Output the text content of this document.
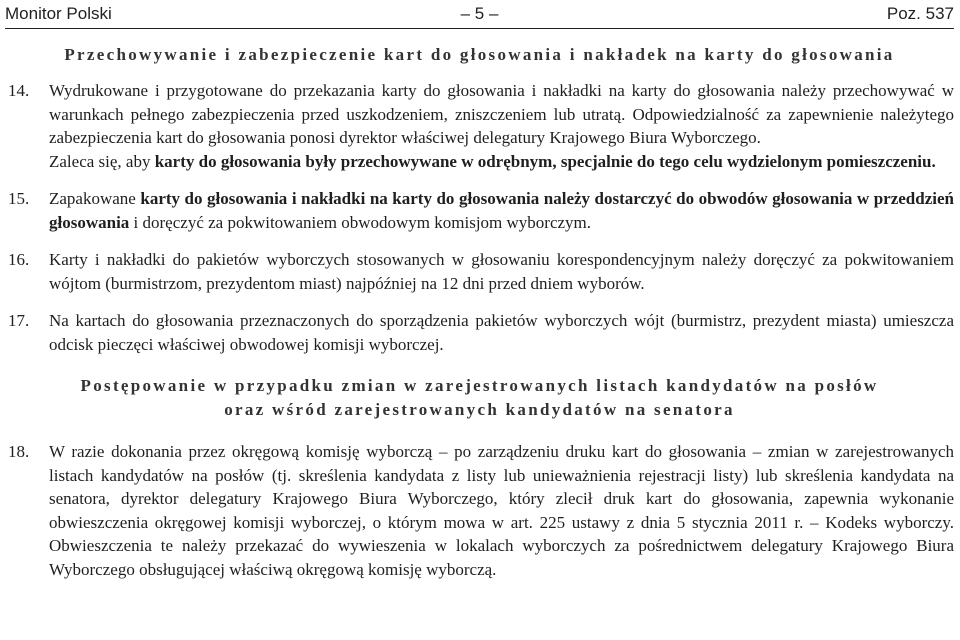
Monitor Polski	– 5 –	Poz. 537
Przechowywanie i zabezpieczenie kart do głosowania i nakładek na karty do głosowania

14. Wydrukowane i przygotowane do przekazania karty do głosowania i nakładki na karty do głosowania należy przechowywać w warunkach pełnego zabezpieczenia przed uszkodzeniem, zniszczeniem lub utratą. Odpowiedzialność za zapewnienie należytego zabezpieczenia kart do głosowania ponosi dyrektor właściwej delegatury Krajowego Biura Wyborczego.
Zaleca się, aby karty do głosowania były przechowywane w odrębnym, specjalnie do tego celu wydzielonym pomieszczeniu.

15. Zapakowane karty do głosowania i nakładki na karty do głosowania należy dostarczyć do obwodów głosowania w przeddzień głosowania i doręczyć za pokwitowaniem obwodowym komisjom wyborczym.

16. Karty i nakładki do pakietów wyborczych stosowanych w głosowaniu korespondencyjnym należy doręczyć za pokwitowaniem wójtom (burmistrzom, prezydentom miast) najpóźniej na 12 dni przed dniem wyborów.

17. Na kartach do głosowania przeznaczonych do sporządzenia pakietów wyborczych wójt (burmistrz, prezydent miasta) umieszcza odcisk pieczęci właściwej obwodowej komisji wyborczej.

Postępowanie w przypadku zmian w zarejestrowanych listach kandydatów na posłów
oraz wśród zarejestrowanych kandydatów na senatora

18. W razie dokonania przez okręgową komisję wyborczą – po zarządzeniu druku kart do głosowania – zmian w zarejestrowanych listach kandydatów na posłów (tj. skreślenia kandydata z listy lub unieważnienia rejestracji listy) lub skreślenia kandydata na senatora, dyrektor delegatury Krajowego Biura Wyborczego, który zlecił druk kart do głosowania, zapewnia wykonanie obwieszczenia okręgowej komisji wyborczej, o którym mowa w art. 225 ustawy z dnia 5 stycznia 2011 r. – Kodeks wyborczy. Obwieszczenia te należy przekazać do wywieszenia w lokalach wyborczych za pośrednictwem delegatury Krajowego Biura Wyborczego obsługującej właściwą okręgową komisję wyborczą.
